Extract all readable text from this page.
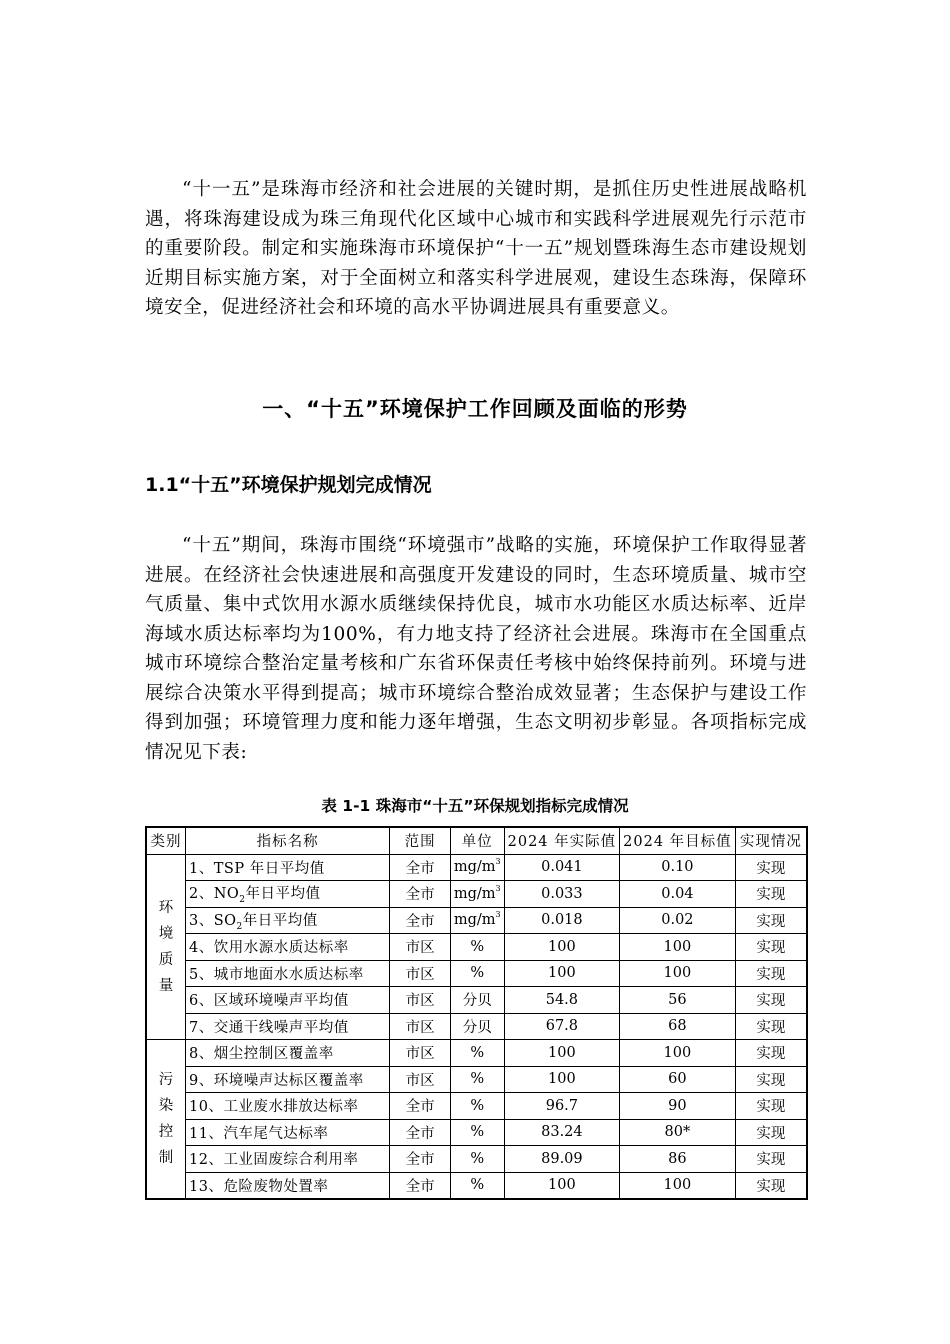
“十一五”是珠海市经济和社会进展的关键时期，是抓住历史性进展战略机遇，将珠海建设成为珠三角现代化区域中心城市和实践科学进展观先行示范市的重要阶段。制定和实施珠海市环境保护“十一五”规划暨珠海生态市建设规划近期目标实施方案，对于全面树立和落实科学进展观，建设生态珠海，保障环境安全，促进经济社会和环境的高水平协调进展具有重要意义。

一、“十五”环境保护工作回顾及面临的形势
1.1“十五”环境保护规划完成情况

“十五”期间，珠海市围绕“环境强市”战略的实施，环境保护工作取得显著进展。在经济社会快速进展和高强度开发建设的同时，生态环境质量、城市空气质量、集中式饮用水源水质继续保持优良，城市水功能区水质达标率、近岸海域水质达标率均为100%，有力地支持了经济社会进展。珠海市在全国重点城市环境综合整治定量考核和广东省环保责任考核中始终保持前列。环境与进展综合决策水平得到提高；城市环境综合整治成效显著；生态保护与建设工作得到加强；环境管理力度和能力逐年增强，生态文明初步彰显。各项指标完成情况见下表:

表 1-1 珠海市“十五”环保规划指标完成情况
类别	指标名称	范围	单位	2024 年实际值	2024 年目标值	实现情况

环
境
质
量	1、TSP 年日平均值	全市	$mg/m^3$	0.041	0.10	实现
	2、$NO_2$年日平均值	全市	$mg/m^3$	0.033	0.04	实现
	3、$SO_2$年日平均值	全市	$mg/m^3$	0.018	0.02	实现
	4、饮用水源水质达标率	市区	%	100	100	实现
	5、城市地面水水质达标率	市区	%	100	100	实现
	6、区域环境噪声平均值	市区	分贝	54.8	56	实现
	7、交通干线噪声平均值	市区	分贝	67.8	68	实现

污
染
控
制	8、烟尘控制区覆盖率	市区	%	100	100	实现
	9、环境噪声达标区覆盖率	市区	%	100	60	实现
	10、工业废水排放达标率	全市	%	96.7	90	实现
	11、汽车尾气达标率	全市	%	83.24	80*	实现
	12、工业固废综合利用率	全市	%	89.09	86	实现
	13、危险废物处置率	全市	%	100	100	实现
